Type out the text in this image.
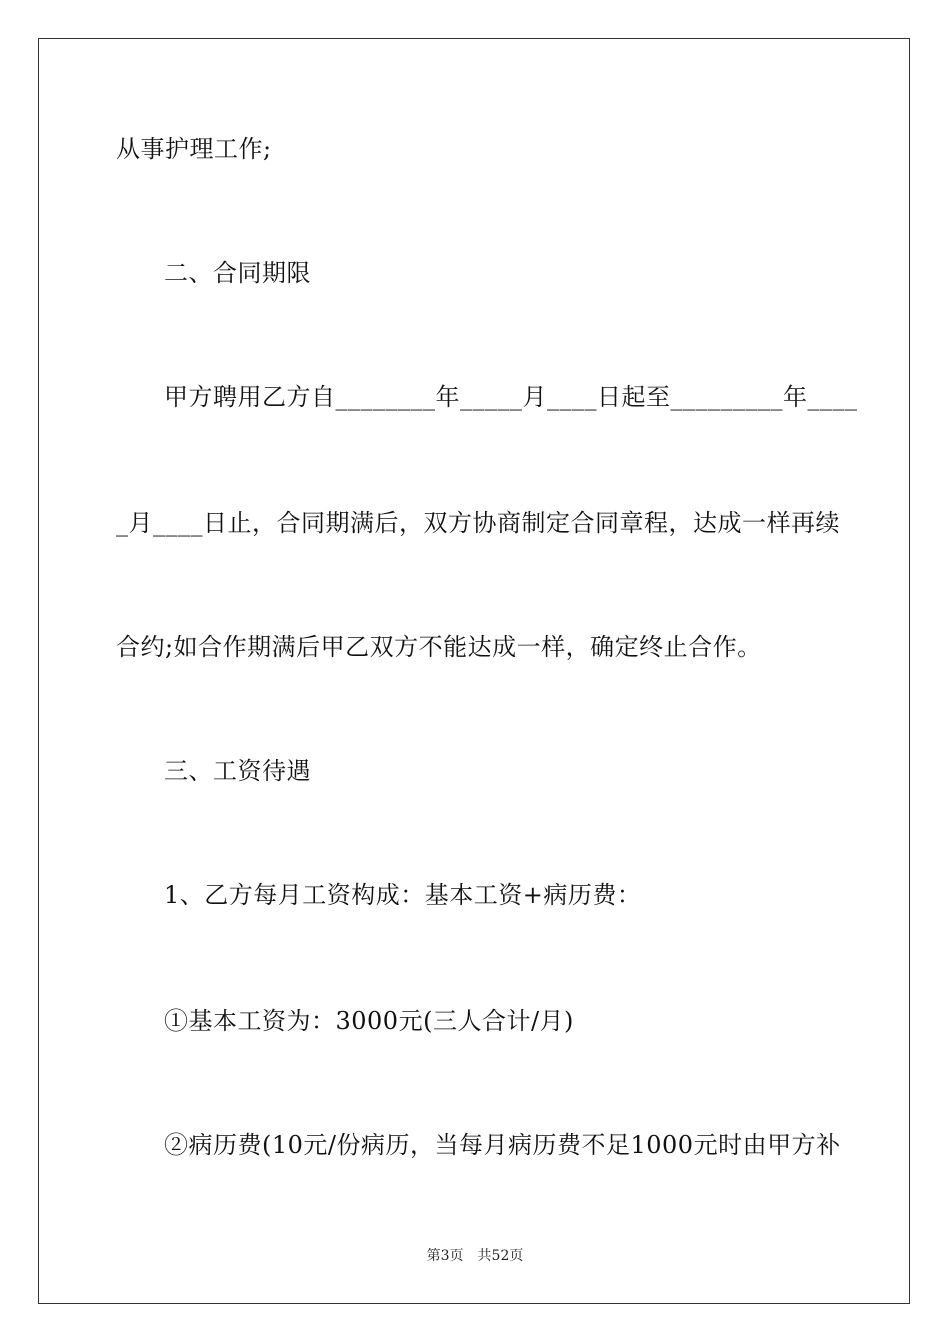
从事护理工作;
二、合同期限
甲方聘用乙方自________年_____月____日起至_________年____
_月____日止，合同期满后，双方协商制定合同章程，达成一样再续
合约;如合作期满后甲乙双方不能达成一样，确定终止合作。
三、工资待遇
1、乙方每月工资构成：基本工资+病历费：
①基本工资为：3000元(三人合计/月)
②病历费(10元/份病历，当每月病历费不足1000元时由甲方补
第3页 共52页
